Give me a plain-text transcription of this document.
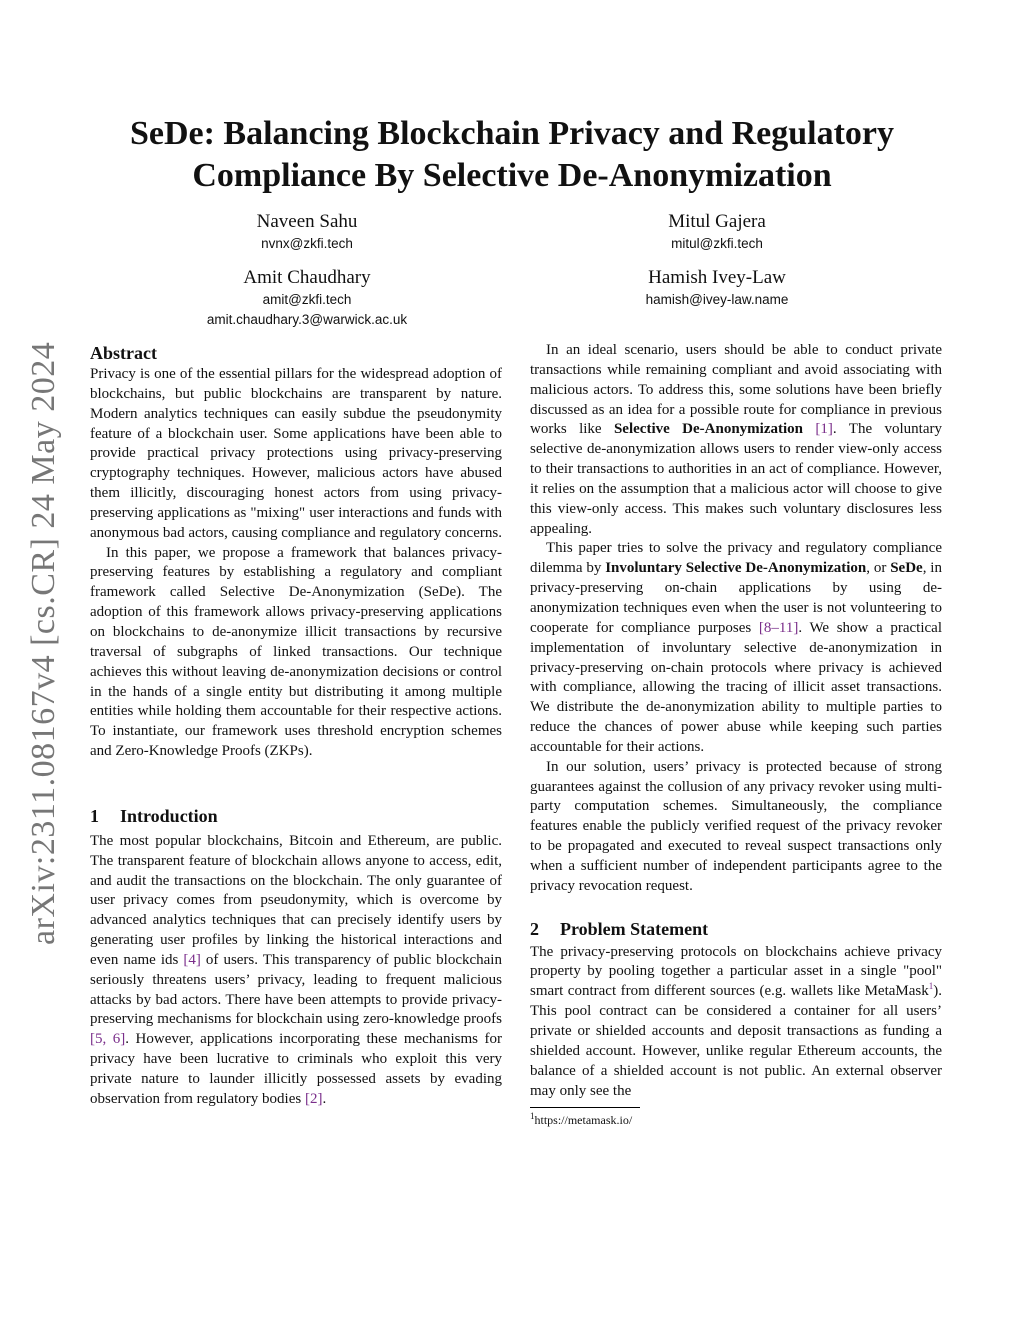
arXiv:2311.08167v4 [cs.CR] 24 May 2024
SeDe: Balancing Blockchain Privacy and Regulatory
Compliance By Selective De-Anonymization
Naveen Sahu
nvnx@zkfi.tech
Mitul Gajera
mitul@zkfi.tech
Amit Chaudhary
amit@zkfi.tech
amit.chaudhary.3@warwick.ac.uk
Hamish Ivey-Law
hamish@ivey-law.name
Abstract

Privacy is one of the essential pillars for the widespread adoption of blockchains, but public blockchains are transparent by nature. Modern analytics techniques can easily subdue the pseudonymity feature of a blockchain user. Some applications have been able to provide practical privacy protections using privacy-preserving cryptography techniques. However, malicious actors have abused them illicitly, discouraging honest actors from using privacy-preserving applications as "mixing" user interactions and funds with anonymous bad actors, causing compliance and regulatory concerns.

In this paper, we propose a framework that balances privacy-preserving features by establishing a regulatory and compliant framework called Selective De-Anonymization (SeDe). The adoption of this framework allows privacy-preserving applications on blockchains to de-anonymize illicit transactions by recursive traversal of subgraphs of linked transactions. Our technique achieves this without leaving de-anonymization decisions or control in the hands of a single entity but distributing it among multiple entities while holding them accountable for their respective actions. To instantiate, our framework uses threshold encryption schemes and Zero-Knowledge Proofs (ZKPs).

1 Introduction

The most popular blockchains, Bitcoin and Ethereum, are public. The transparent feature of blockchain allows anyone to access, edit, and audit the transactions on the blockchain. The only guarantee of user privacy comes from pseudonymity, which is overcome by advanced analytics techniques that can precisely identify users by generating user profiles by linking the historical interactions and even name ids [4] of users. This transparency of public blockchain seriously threatens users’ privacy, leading to frequent malicious attacks by bad actors. There have been attempts to provide privacy-preserving mechanisms for blockchain using zero-knowledge proofs [5, 6]. However, applications incorporating these mechanisms for privacy have been lucrative to criminals who exploit this very private nature to launder illicitly possessed assets by evading observation from regulatory bodies [2].

In an ideal scenario, users should be able to conduct private transactions while remaining compliant and avoid associating with malicious actors. To address this, some solutions have been briefly discussed as an idea for a possible route for compliance in previous works like Selective De-Anonymization [1]. The voluntary selective de-anonymization allows users to render view-only access to their transactions to authorities in an act of compliance. However, it relies on the assumption that a malicious actor will choose to give this view-only access. This makes such voluntary disclosures less appealing.

This paper tries to solve the privacy and regulatory compliance dilemma by Involuntary Selective De-Anonymization, or SeDe, in privacy-preserving on-chain applications by using de-anonymization techniques even when the user is not volunteering to cooperate for compliance purposes [8–11]. We show a practical implementation of involuntary selective de-anonymization in privacy-preserving on-chain protocols where privacy is achieved with compliance, allowing the tracing of illicit asset transactions. We distribute the de-anonymization ability to multiple parties to reduce the chances of power abuse while keeping such parties accountable for their actions.

In our solution, users’ privacy is protected because of strong guarantees against the collusion of any privacy revoker using multi-party computation schemes. Simultaneously, the compliance features enable the publicly verified request of the privacy revoker to be propagated and executed to reveal suspect transactions only when a sufficient number of independent participants agree to the privacy revocation request.

2 Problem Statement

The privacy-preserving protocols on blockchains achieve privacy property by pooling together a particular asset in a single "pool" smart contract from different sources (e.g. wallets like MetaMask$^1$). This pool contract can be considered a container for all users’ private or shielded accounts and deposit transactions as funding a shielded account. However, unlike regular Ethereum accounts, the balance of a shielded account is not public. An external observer may only see the

$^1$https://metamask.io/
